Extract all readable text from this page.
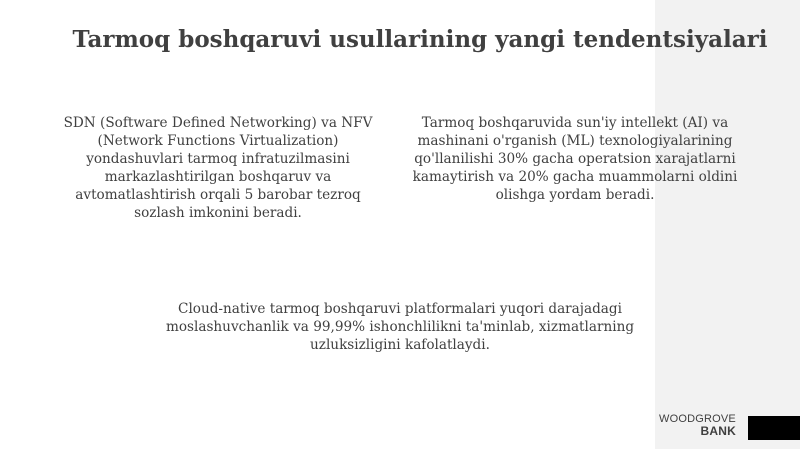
Tarmoq boshqaruvi usullarining yangi tendentsiyalari
SDN (Software Defined Networking) va NFV (Network Functions Virtualization) yondashuvlari tarmoq infratuzilmasini markazlashtirilgan boshqaruv va avtomatlashtirish orqali 5 barobar tezroq sozlash imkonini beradi.
Tarmoq boshqaruvida sun'iy intellekt (AI) va mashinani o'rganish (ML) texnologiyalarining qo'llanilishi 30% gacha operatsion xarajatlarni kamaytirish va 20% gacha muammolarni oldini olishga yordam beradi.
Cloud-native tarmoq boshqaruvi platformalari yuqori darajadagi moslashuvchanlik va 99,99% ishonchlilikni ta'minlab, xizmatlarning uzluksizligini kafolatlaydi.
WOODGROVE
BANK
